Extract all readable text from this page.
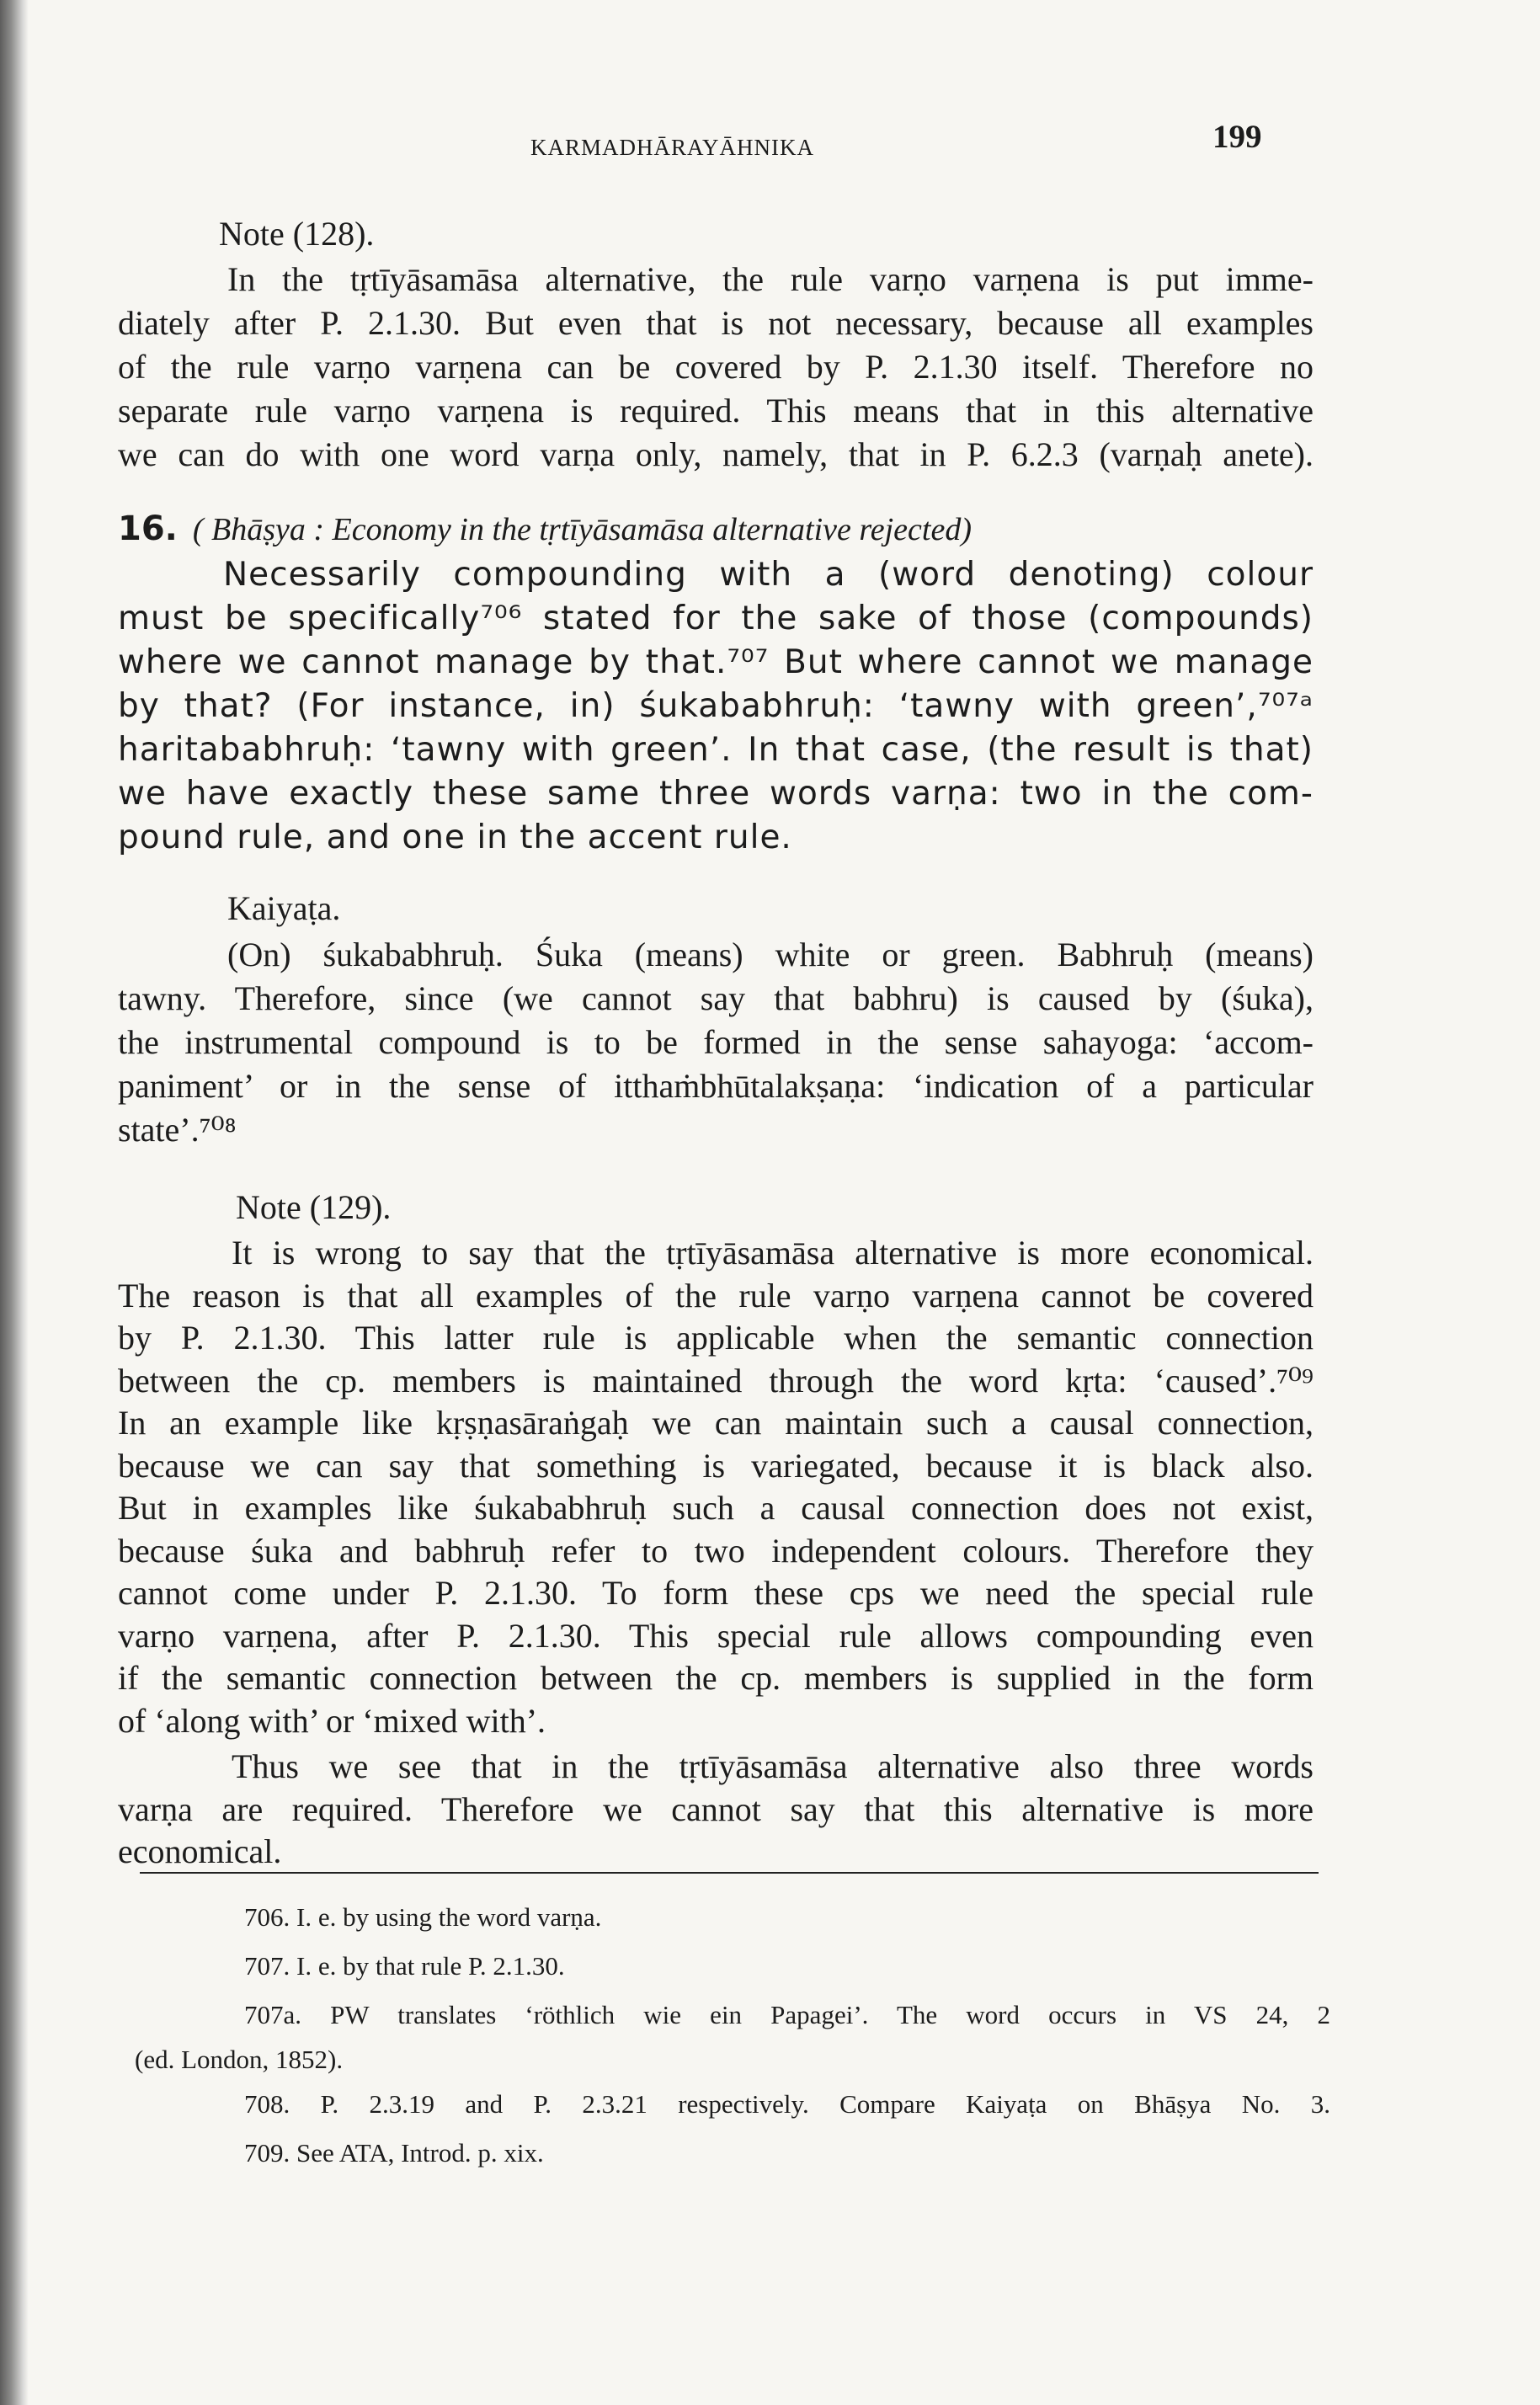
KARMADHĀRAYĀHNIKA	199
Note (128).
In the tṛtīyāsamāsa alternative, the rule varṇo varṇena is put imme-
diately after P. 2.1.30. But even that is not necessary, because all examples
of the rule varṇo varṇena can be covered by P. 2.1.30 itself. Therefore no
separate rule varṇo varṇena is required. This means that in this alternative
we can do with one word varṇa only, namely, that in P. 6.2.3 (varṇaḥ anete).
16. ( Bhāṣya : Economy in the tṛtīyāsamāsa alternative rejected)
Necessarily compounding with a (word denoting) colour
must be specifically⁷⁰⁶ stated for the sake of those (compounds)
where we cannot manage by that.⁷⁰⁷ But where cannot we manage
by that? (For instance, in) śukababhruḥ: ‘tawny with green’,⁷⁰⁷ᵃ
haritababhruḥ: ‘tawny with green’. In that case, (the result is that)
we have exactly these same three words varṇa: two in the com-
pound rule, and one in the accent rule.
Kaiyaṭa.
(On) śukababhruḥ. Śuka (means) white or green. Babhruḥ (means)
tawny. Therefore, since (we cannot say that babhru) is caused by (śuka),
the instrumental compound is to be formed in the sense sahayoga: ‘accom-
paniment’ or in the sense of itthaṁbhūtalakṣaṇa: ‘indication of a particular
state’.⁷⁰⁸
Note (129).
It is wrong to say that the tṛtīyāsamāsa alternative is more economical.
The reason is that all examples of the rule varṇo varṇena cannot be covered
by P. 2.1.30. This latter rule is applicable when the semantic connection
between the cp. members is maintained through the word kṛta: ‘caused’.⁷⁰⁹
In an example like kṛṣṇasāraṅgaḥ we can maintain such a causal connection,
because we can say that something is variegated, because it is black also.
But in examples like śukababhruḥ such a causal connection does not exist,
because śuka and babhruḥ refer to two independent colours. Therefore they
cannot come under P. 2.1.30. To form these cps we need the special rule
varṇo varṇena, after P. 2.1.30. This special rule allows compounding even
if the semantic connection between the cp. members is supplied in the form
of ‘along with’ or ‘mixed with’.
Thus we see that in the tṛtīyāsamāsa alternative also three words
varṇa are required. Therefore we cannot say that this alternative is more
economical.
706. I. e. by using the word varṇa.
707. I. e. by that rule P. 2.1.30.
707a. PW translates ‘röthlich wie ein Papagei’. The word occurs in VS 24, 2
(ed. London, 1852).
708. P. 2.3.19 and P. 2.3.21 respectively. Compare Kaiyaṭa on Bhāṣya No. 3.
709. See ATA, Introd. p. xix.
